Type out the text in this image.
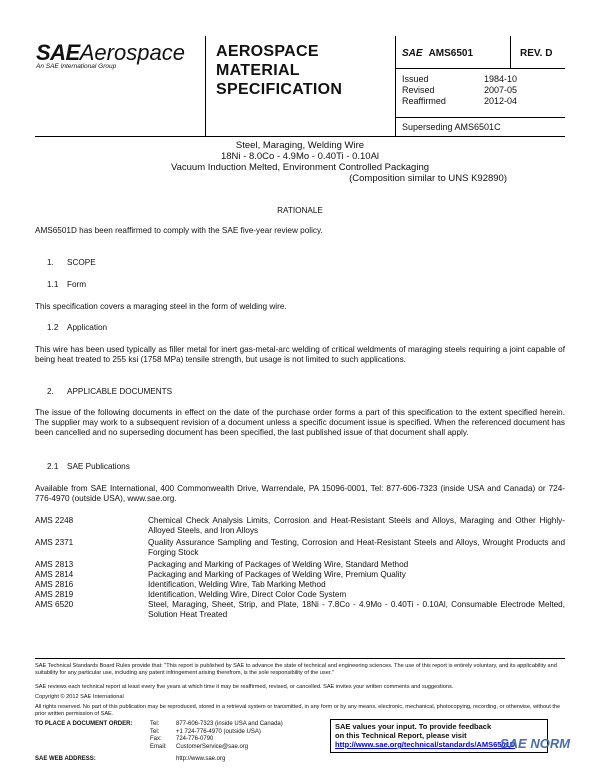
SAEAerospace
An SAE International Group
AEROSPACE
MATERIAL
SPECIFICATION
SAE AMS6501	REV. D
Issued	1984-10
Revised	2007-05
Reaffirmed	2012-04
Superseding AMS6501C
Steel, Maraging, Welding Wire
18Ni - 8.0Co - 4.9Mo - 0.40Ti - 0.10Al
Vacuum Induction Melted, Environment Controlled Packaging
(Composition similar to UNS K92890)
RATIONALE
AMS6501D has been reaffirmed to comply with the SAE five-year review policy.
1. SCOPE
1.1 Form
This specification covers a maraging steel in the form of welding wire.
1.2 Application
This wire has been used typically as filler metal for inert gas-metal-arc welding of critical weldments of maraging steels requiring a joint capable of being heat treated to 255 ksi (1758 MPa) tensile strength, but usage is not limited to such applications.
2. APPLICABLE DOCUMENTS
The issue of the following documents in effect on the date of the purchase order forms a part of this specification to the extent specified herein. The supplier may work to a subsequent revision of a document unless a specific document issue is specified. When the referenced document has been cancelled and no superseding document has been specified, the last published issue of that document shall apply.
2.1 SAE Publications
Available from SAE International, 400 Commonwealth Drive, Warrendale, PA 15096-0001, Tel: 877-606-7323 (inside USA and Canada) or 724-776-4970 (outside USA), www.sae.org.
AMS 2248	Chemical Check Analysis Limits, Corrosion and Heat-Resistant Steels and Alloys, Maraging and Other Highly-Alloyed Steels, and Iron Alloys
AMS 2371	Quality Assurance Sampling and Testing, Corrosion and Heat-Resistant Steels and Alloys, Wrought Products and Forging Stock
AMS 2813	Packaging and Marking of Packages of Welding Wire, Standard Method
AMS 2814	Packaging and Marking of Packages of Welding Wire, Premium Quality
AMS 2816	Identification, Welding Wire, Tab Marking Method
AMS 2819	Identification, Welding Wire, Direct Color Code System
AMS 6520	Steel, Maraging, Sheet, Strip, and Plate, 18Ni - 7.8Co - 4.9Mo - 0.40Ti - 0.10Al, Consumable Electrode Melted, Solution Heat Treated
SAE Technical Standards Board Rules provide that: "This report is published by SAE to advance the state of technical and engineering sciences. The use of this report is entirely voluntary, and its applicability and suitability for any particular use, including any patent infringement arising therefrom, is the sole responsibility of the user."
SAE reviews each technical report at least every five years at which time it may be reaffirmed, revised, or cancelled. SAE invites your written comments and suggestions.
Copyright © 2012 SAE International
All rights reserved. No part of this publication may be reproduced, stored in a retrieval system or transmitted, in any form or by any means, electronic, mechanical, photocopying, recording, or otherwise, without the prior written permission of SAE.
TO PLACE A DOCUMENT ORDER:	Tel:	877-606-7323 (inside USA and Canada)
Tel:	+1 724-776-4970 (outside USA)
Fax: 724-776-0790
Email: CustomerService@sae.org
SAE WEB ADDRESS:	http://www.sae.org
SAE values your input. To provide feedback
on this Technical Report, please visit
http://www.sae.org/technical/standards/AMS6501D
SAE NORM
